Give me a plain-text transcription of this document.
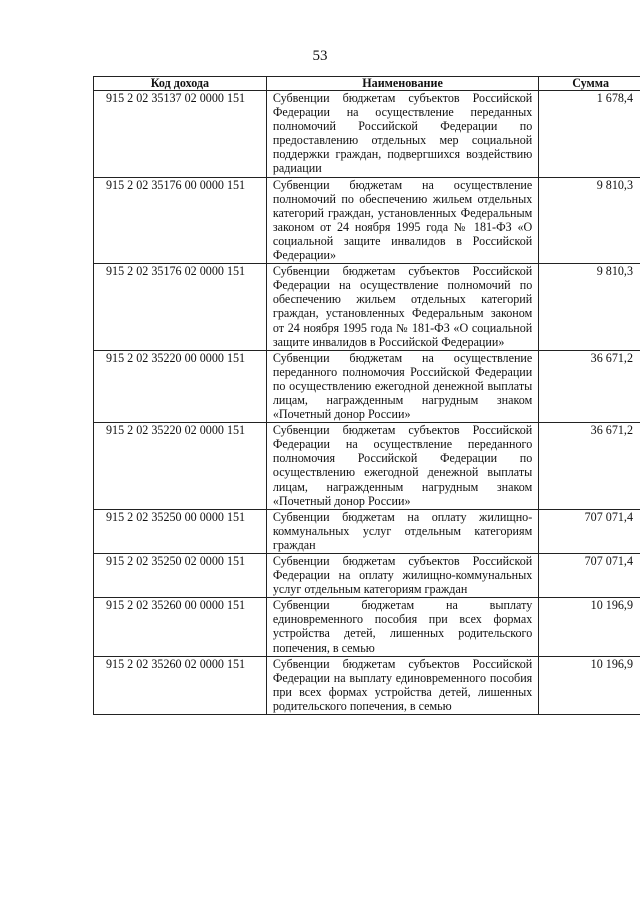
53
Код дохода	Наименование	Сумма
915 2 02 35137 02 0000 151	Субвенции бюджетам субъектов Российской Федерации на осуществление переданных полномочий Российской Федерации по предоставлению отдельных мер социальной поддержки граждан, подвергшихся воздействию радиации	1 678,4
915 2 02 35176 00 0000 151	Субвенции бюджетам на осуществление полномочий по обеспечению жильем отдельных категорий граждан, установленных Федеральным законом от 24 ноября 1995 года № 181-ФЗ «О социальной защите инвалидов в Российской Федерации»	9 810,3
915 2 02 35176 02 0000 151	Субвенции бюджетам субъектов Российской Федерации на осуществление полномочий по обеспечению жильем отдельных категорий граждан, установленных Федеральным законом от 24 ноября 1995 года № 181-ФЗ «О социальной защите инвалидов в Российской Федерации»	9 810,3
915 2 02 35220 00 0000 151	Субвенции бюджетам на осуществление переданного полномочия Российской Федерации по осуществлению ежегодной денежной выплаты лицам, награжденным нагрудным знаком «Почетный донор России»	36 671,2
915 2 02 35220 02 0000 151	Субвенции бюджетам субъектов Российской Федерации на осуществление переданного полномочия Российской Федерации по осуществлению ежегодной денежной выплаты лицам, награжденным нагрудным знаком «Почетный донор России»	36 671,2
915 2 02 35250 00 0000 151	Субвенции бюджетам на оплату жилищно-коммунальных услуг отдельным категориям граждан	707 071,4
915 2 02 35250 02 0000 151	Субвенции бюджетам субъектов Российской Федерации на оплату жилищно-коммунальных услуг отдельным категориям граждан	707 071,4
915 2 02 35260 00 0000 151	Субвенции бюджетам на выплату единовременного пособия при всех формах устройства детей, лишенных родительского попечения, в семью	10 196,9
915 2 02 35260 02 0000 151	Субвенции бюджетам субъектов Российской Федерации на выплату единовременного пособия при всех формах устройства детей, лишенных родительского попечения, в семью	10 196,9
